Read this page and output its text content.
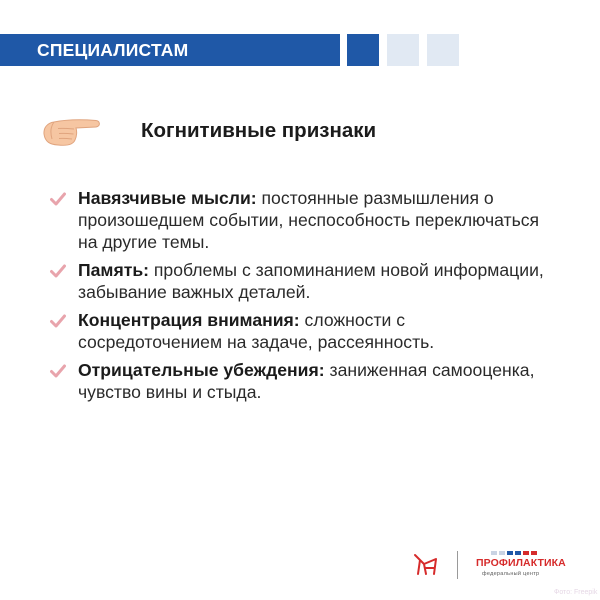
СПЕЦИАЛИСТАМ
Когнитивные признаки
Навязчивые мысли: постоянные размышления о произошедшем событии, неспособность переключаться на другие темы.
Память: проблемы с запоминанием новой информации, забывание важных деталей.
Концентрация внимания: сложности с сосредоточением на задаче, рассеянность.
Отрицательные убеждения: заниженная самооценка, чувство вины и стыда.
ПРОФИЛАКТИКА
федеральный центр
Фото: Freepik
